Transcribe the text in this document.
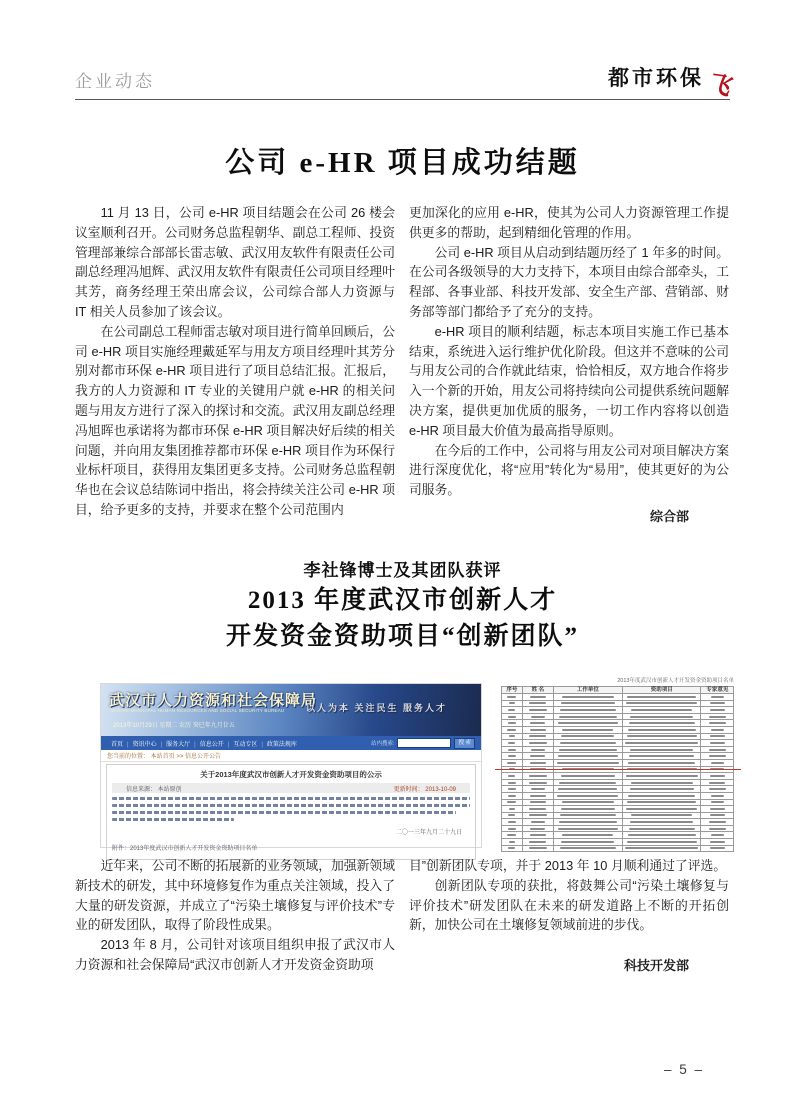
企业动态	都市环保 飞
公司 e-HR 项目成功结题

11 月 13 日，公司 e-HR 项目结题会在公司 26 楼会议室顺利召开。公司财务总监程朝华、副总工程师、投资管理部兼综合部部长雷志敏、武汉用友软件有限责任公司副总经理冯旭辉、武汉用友软件有限责任公司项目经理叶其芳，商务经理王荣出席会议，公司综合部人力资源与 IT 相关人员参加了该会议。

在公司副总工程师雷志敏对项目进行简单回顾后，公司 e-HR 项目实施经理戴延军与用友方项目经理叶其芳分别对都市环保 e-HR 项目进行了项目总结汇报。汇报后，我方的人力资源和 IT 专业的关键用户就 e-HR 的相关问题与用友方进行了深入的探讨和交流。武汉用友副总经理冯旭晖也承诺将为都市环保 e-HR 项目解决好后续的相关问题，并向用友集团推荐都市环保 e-HR 项目作为环保行业标杆项目，获得用友集团更多支持。公司财务总监程朝华也在会议总结陈词中指出，将会持续关注公司 e-HR 项目，给予更多的支持，并要求在整个公司范围内

更加深化的应用 e-HR，使其为公司人力资源管理工作提供更多的帮助，起到精细化管理的作用。

公司 e-HR 项目从启动到结题历经了 1 年多的时间。在公司各级领导的大力支持下，本项目由综合部牵头，工程部、各事业部、科技开发部、安全生产部、营销部、财务部等部门都给予了充分的支持。

e-HR 项目的顺利结题，标志本项目实施工作已基本结束，系统进入运行维护优化阶段。但这并不意味的公司与用友公司的合作就此结束，恰恰相反，双方地合作将步入一个新的开始，用友公司将持续向公司提供系统问题解决方案，提供更加优质的服务，一切工作内容将以创造 e-HR 项目最大价值为最高指导原则。

在今后的工作中，公司将与用友公司对项目解决方案进行深度优化，将“应用”转化为“易用”，使其更好的为公司服务。

综合部

李社锋博士及其团队获评

2013 年度武汉市创新人才
开发资金资助项目“创新团队”

武汉市人力资源和社会保障局
WUHAN MUNICIPAL HUMAN RESOURCES AND SOCIAL SECURITY BUREAU 以人为本 关注民生 服务人才
2013年10月29日 星期二 农历 癸巳年九月廿五
首页 | 资讯中心 | 服务大厅 | 信息公开 | 互动专区 | 政策法规库	站内搜索:	搜 索
您当前的位置： 本站首页 >> 信息公开公告
关于2013年度武汉市创新人才开发资金资助项目的公示
信息来源： 本站原创	更新时间： 2013-10-09
二〇一三年九月二十九日
附件：2013年度武汉市创新人才开发资金资助项目名单
2013年度武汉市创新人才开发资金资助项目名单
序号	姓 名	工作单位	资助项目	专家意见

近年来，公司不断的拓展新的业务领域，加强新领域新技术的研发，其中环境修复作为重点关注领域，投入了大量的研发资源，并成立了“污染土壤修复与评价技术”专业的研发团队，取得了阶段性成果。

2013 年 8 月，公司针对该项目组织申报了武汉市人力资源和社会保障局“武汉市创新人才开发资金资助项

目”创新团队专项，并于 2013 年 10 月顺利通过了评选。

创新团队专项的获批，将鼓舞公司“污染土壤修复与评价技术”研发团队在未来的研发道路上不断的开拓创新，加快公司在土壤修复领域前进的步伐。

科技开发部

– 5 –
